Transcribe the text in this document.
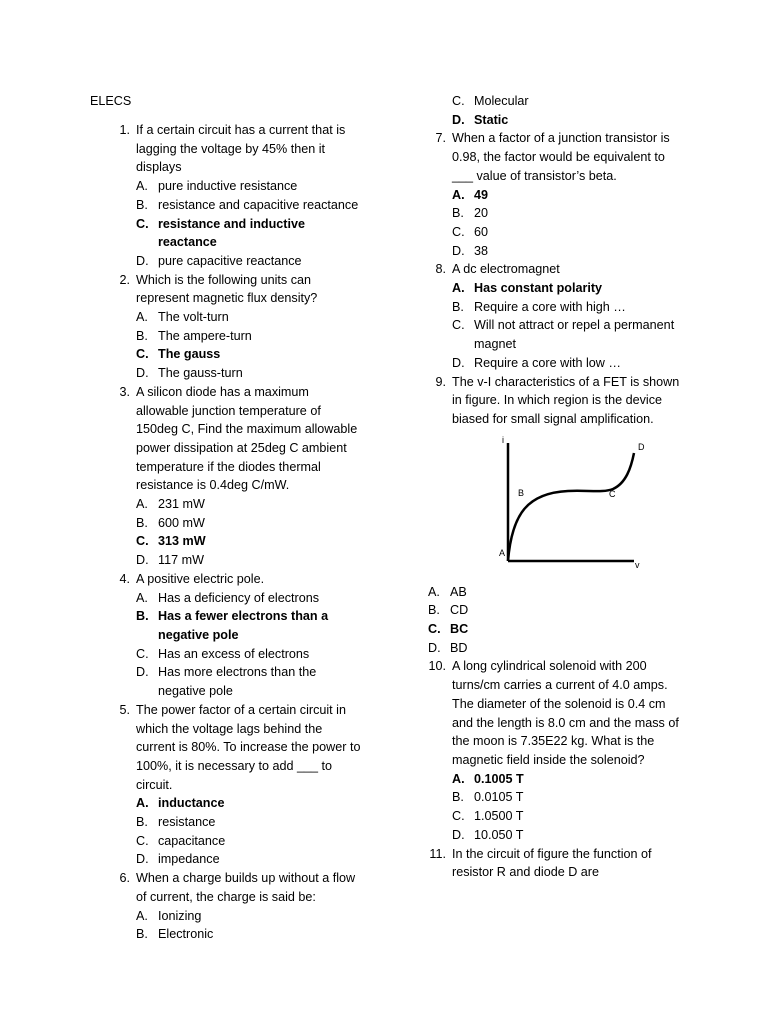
ELECS
1. If a certain circuit has a current that is lagging the voltage by 45% then it displays
A. pure inductive resistance
B. resistance and capacitive reactance
C. resistance and inductive reactance
D. pure capacitive reactance
2. Which is the following units can represent magnetic flux density?
A. The volt-turn
B. The ampere-turn
C. The gauss
D. The gauss-turn
3. A silicon diode has a maximum allowable junction temperature of 150deg C, Find the maximum allowable power dissipation at 25deg C ambient temperature if the diodes thermal resistance is 0.4deg C/mW.
A. 231 mW
B. 600 mW
C. 313 mW
D. 117 mW
4. A positive electric pole.
A. Has a deficiency of electrons
B. Has a fewer electrons than a negative pole
C. Has an excess of electrons
D. Has more electrons than the negative pole
5. The power factor of a certain circuit in which the voltage lags behind the current is 80%. To increase the power to 100%, it is necessary to add ___ to circuit.
A. inductance
B. resistance
C. capacitance
D. impedance
6. When a charge builds up without a flow of current, the charge is said be:
A. Ionizing
B. Electronic
C. Molecular
D. Static
7. When a factor of a junction transistor is 0.98, the factor would be equivalent to ___ value of transistor’s beta.
A. 49
B. 20
C. 60
D. 38
8. A dc electromagnet
A. Has constant polarity
B. Require a core with high …
C. Will not attract or repel a permanent magnet
D. Require a core with low …
9. The v-I characteristics of a FET is shown in figure. In which region is the device biased for small signal amplification.
i
v
A
B	C
D
A. AB
B. CD
C. BC
D. BD
10. A long cylindrical solenoid with 200 turns/cm carries a current of 4.0 amps. The diameter of the solenoid is 0.4 cm and the length is 8.0 cm and the mass of the moon is 7.35E22 kg. What is the magnetic field inside the solenoid?
A. 0.1005 T
B. 0.0105 T
C. 1.0500 T
D. 10.050 T
11. In the circuit of figure the function of resistor R and diode D are
